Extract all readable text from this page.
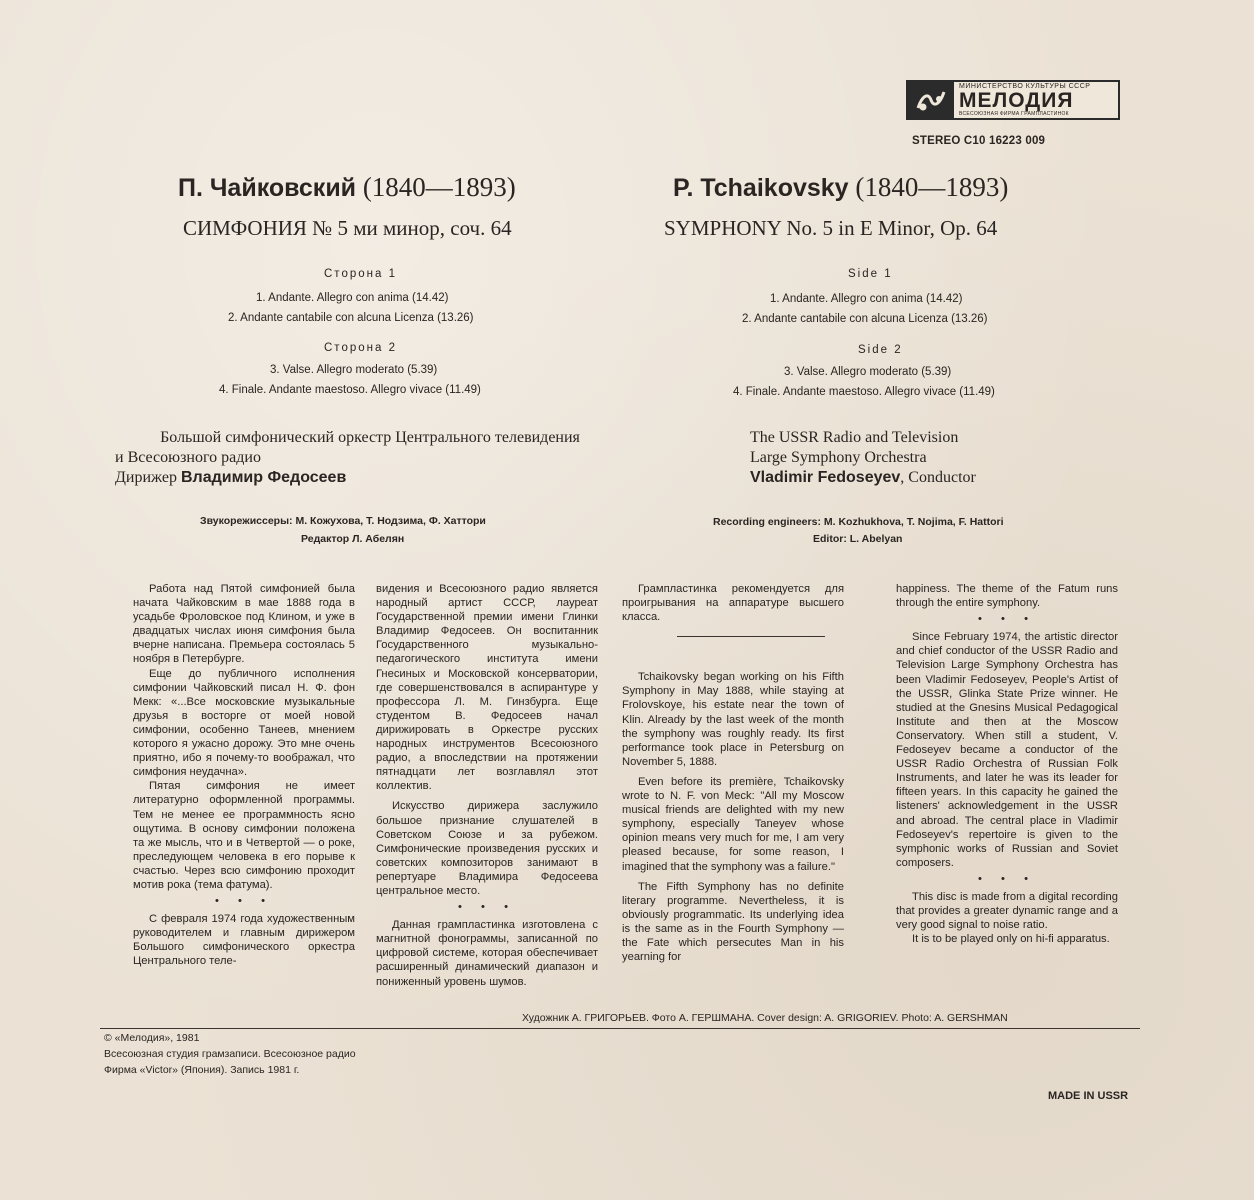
МИНИСТЕРСТВО КУЛЬТУРЫ СССР
МЕЛОДИЯ
ВСЕСОЮЗНАЯ ФИРМА ГРАМПЛАСТИНОК
STEREO С10 16223 009
П. Чайковский (1840—1893)
СИМФОНИЯ № 5 ми минор, соч. 64
P. Tchaikovsky (1840—1893)
SYMPHONY No. 5 in E Minor, Op. 64
Сторона 1
1. Andante. Allegro con anima (14.42)
2. Andante cantabile con alcuna Licenza (13.26)
Сторона 2
3. Valse. Allegro moderato (5.39)
4. Finale. Andante maestoso. Allegro vivace (11.49)
Side 1
1. Andante. Allegro con anima (14.42)
2. Andante cantabile con alcuna Licenza (13.26)
Side 2
3. Valse. Allegro moderato (5.39)
4. Finale. Andante maestoso. Allegro vivace (11.49)
Большой симфонический оркестр Центрального телевидения
и Всесоюзного радио
Дирижер Владимир Федосеев
The USSR Radio and Television
Large Symphony Orchestra
Vladimir Fedoseyev, Conductor
Звукорежиссеры: М. Кожухова, Т. Нодзима, Ф. Хаттори
Редактор Л. Абелян
Recording engineers: M. Kozhukhova, T. Nojima, F. Hattori
Editor: L. Abelyan

Работа над Пятой симфонией была начата Чайковским в мае 1888 года в усадьбе Фроловское под Клином, и уже в двадцатых числах июня симфония была вчерне написана. Премьера состоялась 5 ноября в Петербурге.

Еще до публичного исполнения симфонии Чайковский писал Н. Ф. фон Мекк: «...Все московские музыкальные друзья в восторге от моей новой симфонии, особенно Танеев, мнением которого я ужасно дорожу. Это мне очень приятно, ибо я почему-то воображал, что симфония неудачна».

Пятая симфония не имеет литературно оформленной программы. Тем не менее ее программность ясно ощутима. В основу симфонии положена та же мысль, что и в Четвертой — о роке, преследующем человека в его порыве к счастью. Через всю симфонию проходит мотив рока (тема фатума).

• • •

С февраля 1974 года художественным руководителем и главным дирижером Большого симфонического оркестра Центрального теле-

видения и Всесоюзного радио является народный артист СССР, лауреат Государственной премии имени Глинки Владимир Федосеев. Он воспитанник Государственного музыкально-педагогического института имени Гнесиных и Московской консерватории, где совершенствовался в аспирантуре у профессора Л. М. Гинзбурга. Еще студентом В. Федосеев начал дирижировать в Оркестре русских народных инструментов Всесоюзного радио, а впоследствии на протяжении пятнадцати лет возглавлял этот коллектив.

Искусство дирижера заслужило большое признание слушателей в Советском Союзе и за рубежом. Симфонические произведения русских и советских композиторов занимают в репертуаре Владимира Федосеева центральное место.

• • •

Данная грампластинка изготовлена с магнитной фонограммы, записанной по цифровой системе, которая обеспечивает расширенный динамический диапазон и пониженный уровень шумов.

Грампластинка рекомендуется для проигрывания на аппаратуре высшего класса.

Tchaikovsky began working on his Fifth Symphony in May 1888, while staying at Frolovskoye, his estate near the town of Klin. Already by the last week of the month the symphony was roughly ready. Its first performance took place in Petersburg on November 5, 1888.

Even before its première, Tchaikovsky wrote to N. F. von Meck: "All my Moscow musical friends are delighted with my new symphony, especially Taneyev whose opinion means very much for me, I am very pleased because, for some reason, I imagined that the symphony was a failure."

The Fifth Symphony has no definite literary programme. Nevertheless, it is obviously programmatic. Its underlying idea is the same as in the Fourth Symphony — the Fate which persecutes Man in his yearning for

happiness. The theme of the Fatum runs through the entire symphony.

• • •

Since February 1974, the artistic director and chief conductor of the USSR Radio and Television Large Symphony Orchestra has been Vladimir Fedoseyev, People's Artist of the USSR, Glinka State Prize winner. He studied at the Gnesins Musical Pedagogical Institute and then at the Moscow Conservatory. When still a student, V. Fedoseyev became a conductor of the USSR Radio Orchestra of Russian Folk Instruments, and later he was its leader for fifteen years. In this capacity he gained the listeners' acknowledgement in the USSR and abroad. The central place in Vladimir Fedoseyev's repertoire is given to the symphonic works of Russian and Soviet composers.

• • •

This disc is made from a digital recording that provides a greater dynamic range and a very good signal to noise ratio.

It is to be played only on hi-fi apparatus.

Художник А. ГРИГОРЬЕВ. Фото А. ГЕРШМАНА. Cover design: A. GRIGORIEV. Photo: A. GERSHMAN
© «Мелодия», 1981
Всесоюзная студия грамзаписи. Всесоюзное радио
Фирма «Victor» (Япония). Запись 1981 г.
MADE IN USSR
